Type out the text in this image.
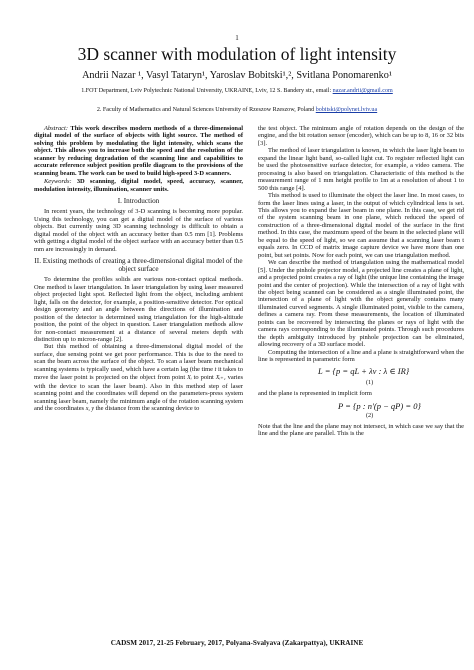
1
3D scanner with modulation of light intensity
Andrii Nazar ¹, Vasyl Tataryn¹, Yaroslav Bobitski¹,², Svitlana Ponomarenko¹
1.FOT Department, Lviv Polytechnic National University, UKRAINE, Lviv, 12 S. Bandery str., email: nazar.andrii@gmail.com
2. Faculty of Mathematics and Natural Sciences University of Rzeszow Rzeszow, Poland bobitski@polynet.lviv.ua

Abstract: This work describes modern methods of a three-dimensional digital model of the surface of objects with light source. The method of solving this problem by modulating the light intensity, which scans the object. This allows you to increase both the speed and the resolution of the scanner by reducing degradation of the scanning line and capabilities to accurate reference subject position profile diagram to the provisions of the scanning beam. The work can be used to build high-speed 3-D scanners.

Keywords: 3D scanning, digital model, speed, accuracy, scanner, modulation intensity, illumination, scanner units.

I. Introduction

In recent years, the technology of 3-D scanning is becoming more popular. Using this technology, you can get a digital model of the surface of various objects. But currently using 3D scanning technology is difficult to obtain a digital model of the object with an accuracy better than 0.5 mm [1]. Problems with getting a digital model of the object surface with an accuracy better than 0.5 mm are increasingly in demand.

II. Existing methods of creating a three-dimensional digital model of the object surface

To determine the profiles solids are various non-contact optical methods. One method is laser triangulation. In laser triangulation by using laser measured object projected light spot. Reflected light from the object, including ambient light, falls on the detector, for example, a position-sensitive detector. For optical design geometry and an angle between the directions of illumination and position of the detector is determined using triangulation for the high-altitude position, the point of the object in question. Laser triangulation methods allow for non-contact measurement at a distance of several meters depth with distinction up to micron-range [2].

But this method of obtaining a three-dimensional digital model of the surface, due sensing point we get poor performance. This is due to the need to scan the beam across the surface of the object. To scan a laser beam mechanical scanning systems is typically used, which have a certain lag (the time t it takes to move the laser point is projected on the object from point Xᵢ to point Xᵢ₊₁ varies with the device to scan the laser beam). Also in this method step of laser scanning point and the coordinates will depend on the parameters-press system scanning laser beam, namely the minimum angle of the rotation scanning system and the coordinates x, y the distance from the scanning device to

the test object. The minimum angle of rotation depends on the design of the engine, and the bit rotation sensor (encoder), which can be up to 8, 16 or 32 bits [3].

The method of laser triangulation is known, in which the laser light beam to expand the linear light band, so-called light cut. To register reflected light can be used the photosensitive surface detector, for example, a video camera. The processing is also based on triangulation. Characteristic of this method is the measurement range of 1 mm height profile to 1m at a resolution of about 1 to 500 this range [4].

This method is used to illuminate the object the laser line. In most cases, to form the laser lines using a laser, in the output of which cylindrical lens is set. This allows you to expand the laser beam in one plane. In this case, we get rid of the system scanning beam in one plane, which reduced the speed of construction of a three-dimensional digital model of the surface in the first method. In this case, the maximum speed of the beam in the selected plane will be equal to the speed of light, so we can assume that a scanning laser beam t equals zero. In CCD of matrix image capture device we have more than one point, but set points. Now for each point, we can use triangulation method.

We can describe the method of triangulation using the mathematical model [5]. Under the pinhole projector model, a projected line creates a plane of light, and a projected point creates a ray of light (the unique line containing the image point and the center of projection). While the intersection of a ray of light with the object being scanned can be considered as a single illuminated point, the intersection of a plane of light with the object generally contains many illuminated curved segments. A single illuminated point, visible to the camera, defines a camera ray. From these measurements, the location of illuminated points can be recovered by intersecting the planes or rays of light with the camera rays corresponding to the illuminated points. Through such procedures the depth ambiguity introduced by pinhole projection can be eliminated, allowing recovery of a 3D surface model.

Computing the intersection of a line and a plane is straightforward when the line is represented in parametric form

L = {p = qL + λv : λ ∈ IR}
(1)

and the plane is represented in implicit form

P = {p : n′(p − qP) = 0}
(2)

Note that the line and the plane may not intersect, in which case we say that the line and the plane are parallel. This is the

CADSM 2017, 21-25 February, 2017, Polyana-Svalyava (Zakarpattya), UKRAINE
